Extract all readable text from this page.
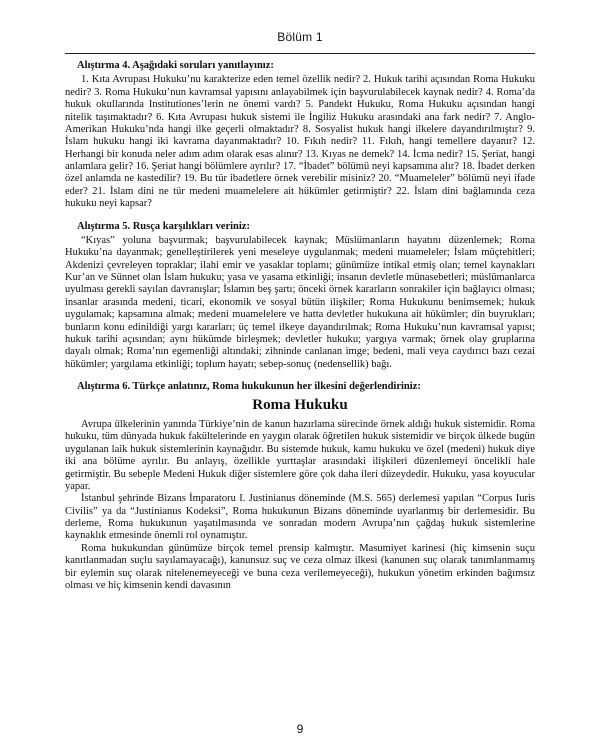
Bölüm 1

Alıştırma 4. Aşağıdaki soruları yanıtlayınız:

1. Kıta Avrupası Hukuku’nu karakterize eden temel özellik nedir? 2. Hukuk tarihi açısından Roma Hukuku nedir? 3. Roma Hukuku’nun kavramsal yapısını anlayabilmek için başvurulabilecek kaynak nedir? 4. Roma’da hukuk okullarında Institutiones’lerin ne önemi vardı? 5. Pandekt Hukuku, Roma Hukuku açısından hangi nitelik taşımaktadır? 6. Kıta Avrupası hukuk sistemi ile İngiliz Hukuku arasındaki ana fark nedir? 7. Anglo-Amerikan Hukuku’nda hangi ilke geçerli olmaktadır? 8. Sosyalist hukuk hangi ilkelere dayandırılmıştır? 9. İslam hukuku hangi iki kavrama dayanmaktadır? 10. Fıkıh nedir? 11. Fıkıh, hangi temellere dayanır? 12. Herhangi bir konuda neler adım adım olarak esas alınır? 13. Kıyas ne demek? 14. İcma nedir? 15. Şeriat, hangi anlamlara gelir? 16. Şeriat hangi bölümlere ayrılır? 17. “İbadet” bölümü neyi kapsamına alır? 18. İbadet derken özel anlamda ne kastedilir? 19. Bu tür ibadetlere örnek verebilir misiniz? 20. “Muameleler” bölümü neyi ifade eder? 21. İslam dini ne tür medeni muamelelere ait hükümler getirmiştir? 22. İslam dini bağlamında ceza hukuku neyi kapsar?

Alıştırma 5. Rusça karşılıkları veriniz:

“Kıyas” yoluna başvurmak; başvurulabilecek kaynak; Müslümanların hayatını düzenlemek; Roma Hukuku’na dayanmak; genelleştirilerek yeni meseleye uygulanmak; medeni muameleler; İslam müçtehitleri; Akdenizi çevreleyen topraklar; ilahi emir ve yasaklar toplamı; günümüze intikal etmiş olan; temel kaynakları Kur’an ve Sünnet olan İslam hukuku; yasa ve yasama etkinliği; insanın devletle münasebetleri; müslümanlarca uyulması gerekli sayılan davranışlar; İslamın beş şartı; önceki örnek kararların sonrakiler için bağlayıcı olması; insanlar arasında medeni, ticari, ekonomik ve sosyal bütün ilişkiler; Roma Hukukunu benimsemek; hukuk uygulamak; kapsamına almak; medeni muamelelere ve hatta devletler hukukuna ait hükümler; din buyrukları; bunların konu edinildiği yargı kararları; üç temel ilkeye dayandırılmak; Roma Hukuku’nun kavramsal yapısı; hukuk tarihi açısından; aynı hükümde birleşmek; devletler hukuku; yargıya varmak; örnek olay gruplarına dayalı olmak; Roma’nın egemenliği altındaki; zihninde canlanan imge; bedeni, mali veya caydırıcı bazı cezai hükümler; yargılama etkinliği; toplum hayatı; sebep-sonuç (nedensellik) bağı.

Alıştırma 6. Türkçe anlatınız, Roma hukukunun her ilkesini değerlendiriniz:

Roma Hukuku

Avrupa ülkelerinin yanında Türkiye’nin de kanun hazırlama sürecinde örnek aldığı hukuk sistemidir. Roma hukuku, tüm dünyada hukuk fakültelerinde en yaygın olarak öğretilen hukuk sistemidir ve birçok ülkede bugün uygulanan laik hukuk sistemlerinin kaynağıdır. Bu sistemde hukuk, kamu hukuku ve özel (medeni) hukuk diye iki ana bölüme ayrılır. Bu anlayış, özellikle yurttaşlar arasındaki ilişkileri düzenlemeyi öncelikli hale getirmiştir. Bu sebeple Medeni Hukuk diğer sistemlere göre çok daha ileri düzeydedir. Hukuku, yasa koyucular yapar.

İstanbul şehrinde Bizans İmparatoru I. Justinianus döneminde (M.S. 565) derlemesi yapılan “Corpus Iuris Civilis” ya da “Justinianus Kodeksi”, Roma hukukunun Bizans döneminde uyarlanmış bir derlemesidir. Bu derleme, Roma hukukunun yaşatılmasında ve sonradan modern Avrupa’nın çağdaş hukuk sistemlerine kaynaklık etmesinde önemli rol oynamıştır.

Roma hukukundan günümüze birçok temel prensip kalmıştır. Masumiyet karinesi (hiç kimsenin suçu kanıtlanmadan suçlu sayılamayacağı), kanunsuz suç ve ceza olmaz ilkesi (kanunen suç olarak tanımlanmamış bir eylemin suç olarak nitelenemeyeceği ve buna ceza verilemeyeceği), hukukun yönetim erkinden bağımsız olması ve hiç kimsenin kendi davasının

9
